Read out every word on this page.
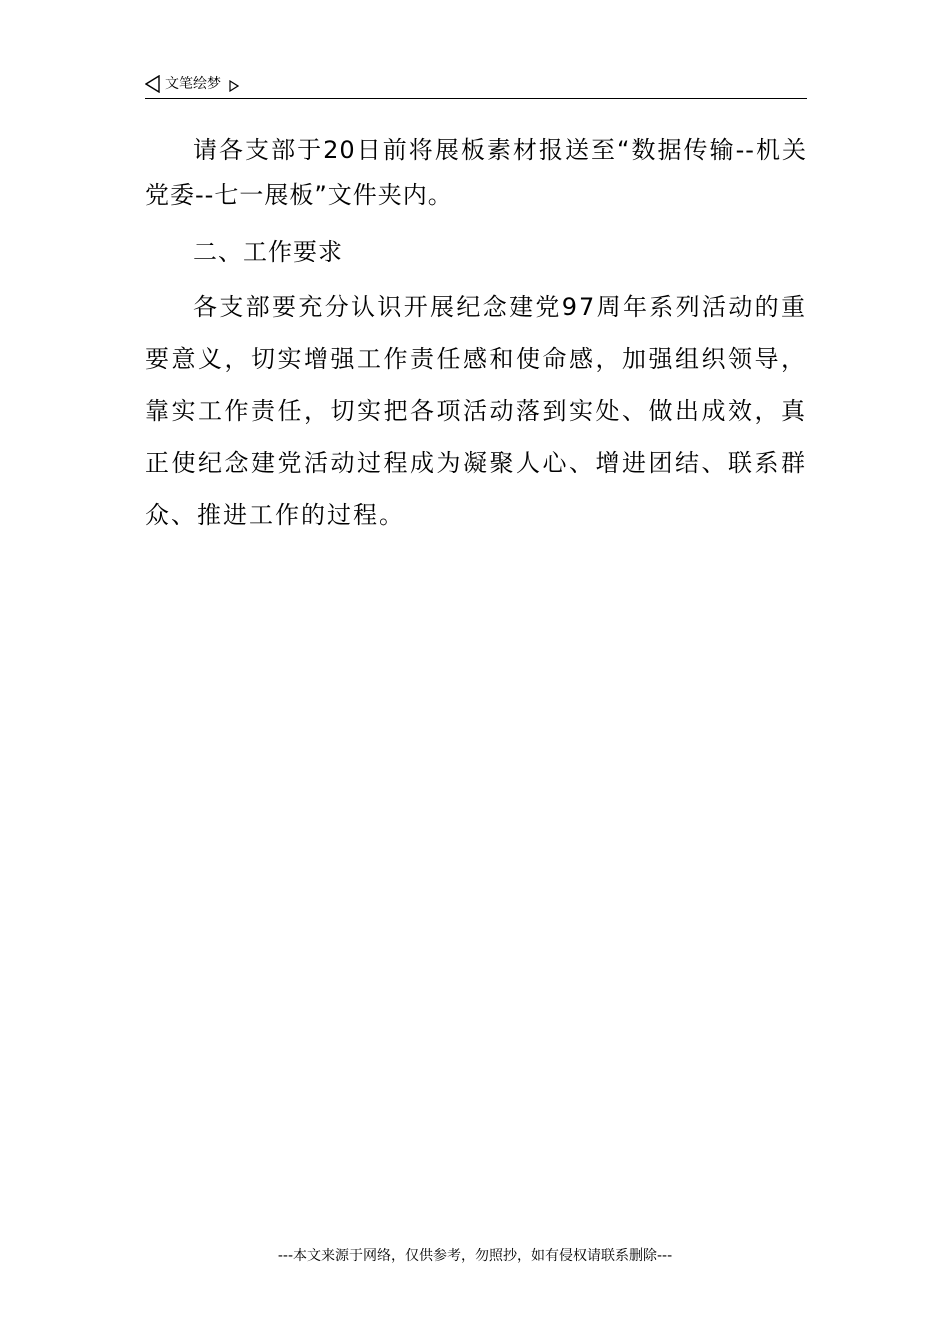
文笔绘梦

请各支部于20日前将展板素材报送至“数据传输--机关党委--七一展板”文件夹内。

二、工作要求

各支部要充分认识开展纪念建党97周年系列活动的重要意义，切实增强工作责任感和使命感，加强组织领导，靠实工作责任，切实把各项活动落到实处、做出成效，真正使纪念建党活动过程成为凝聚人心、增进团结、联系群众、推进工作的过程。

---本文来源于网络，仅供参考，勿照抄，如有侵权请联系删除---
